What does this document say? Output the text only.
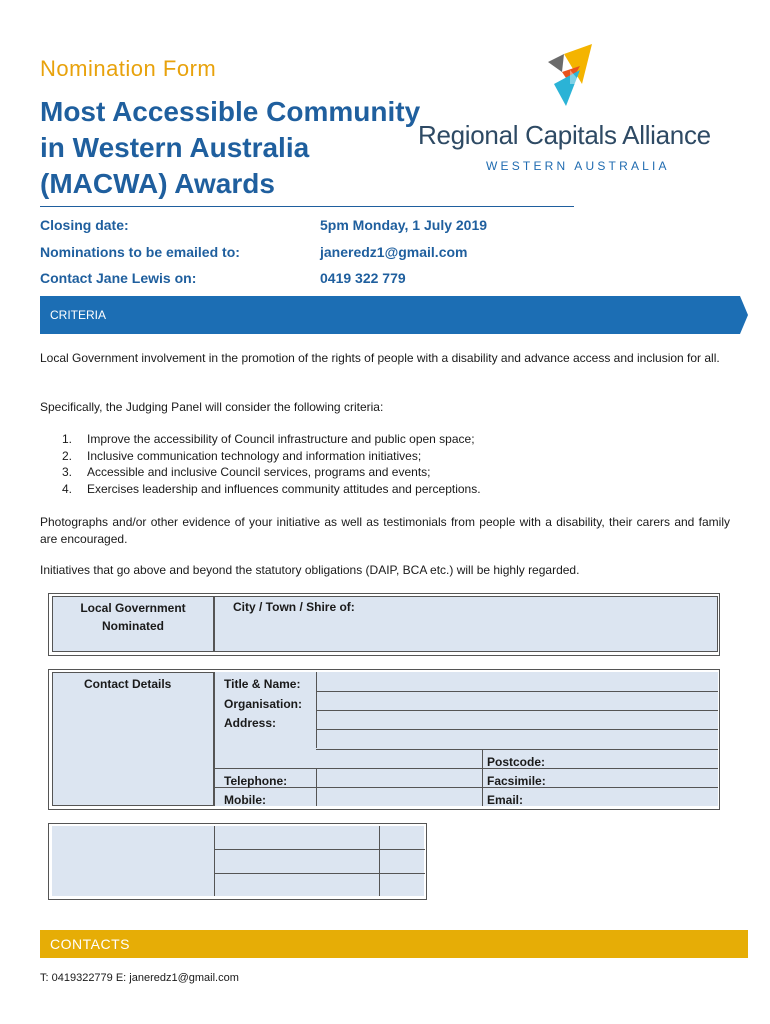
Nomination Form
Most Accessible Community
in Western Australia
(MACWA) Awards
Regional Capitals Alliance
WESTERN AUSTRALIA
Closing date:	5pm Monday, 1 July 2019
Nominations to be emailed to:	janeredz1@gmail.com
Contact Jane Lewis on:	0419 322 779
CRITERIA
Local Government involvement in the promotion of the rights of people with a disability and advance access and inclusion for all.
Specifically, the Judging Panel will consider the following criteria:
1. Improve the accessibility of Council infrastructure and public open space;
2. Inclusive communication technology and information initiatives;
3. Accessible and inclusive Council services, programs and events;
4. Exercises leadership and influences community attitudes and perceptions.
Photographs and/or other evidence of your initiative as well as testimonials from people with a disability, their carers and family are encouraged.
Initiatives that go above and beyond the statutory obligations (DAIP, BCA etc.) will be highly regarded.
Local Government Nominated
City / Town / Shire of:
Contact Details	Title & Name:
Organisation:
Address:
Postcode:
Telephone:	Facsimile:
Mobile:	Email:
CONTACTS
T: 0419322779 E: janeredz1@gmail.com
